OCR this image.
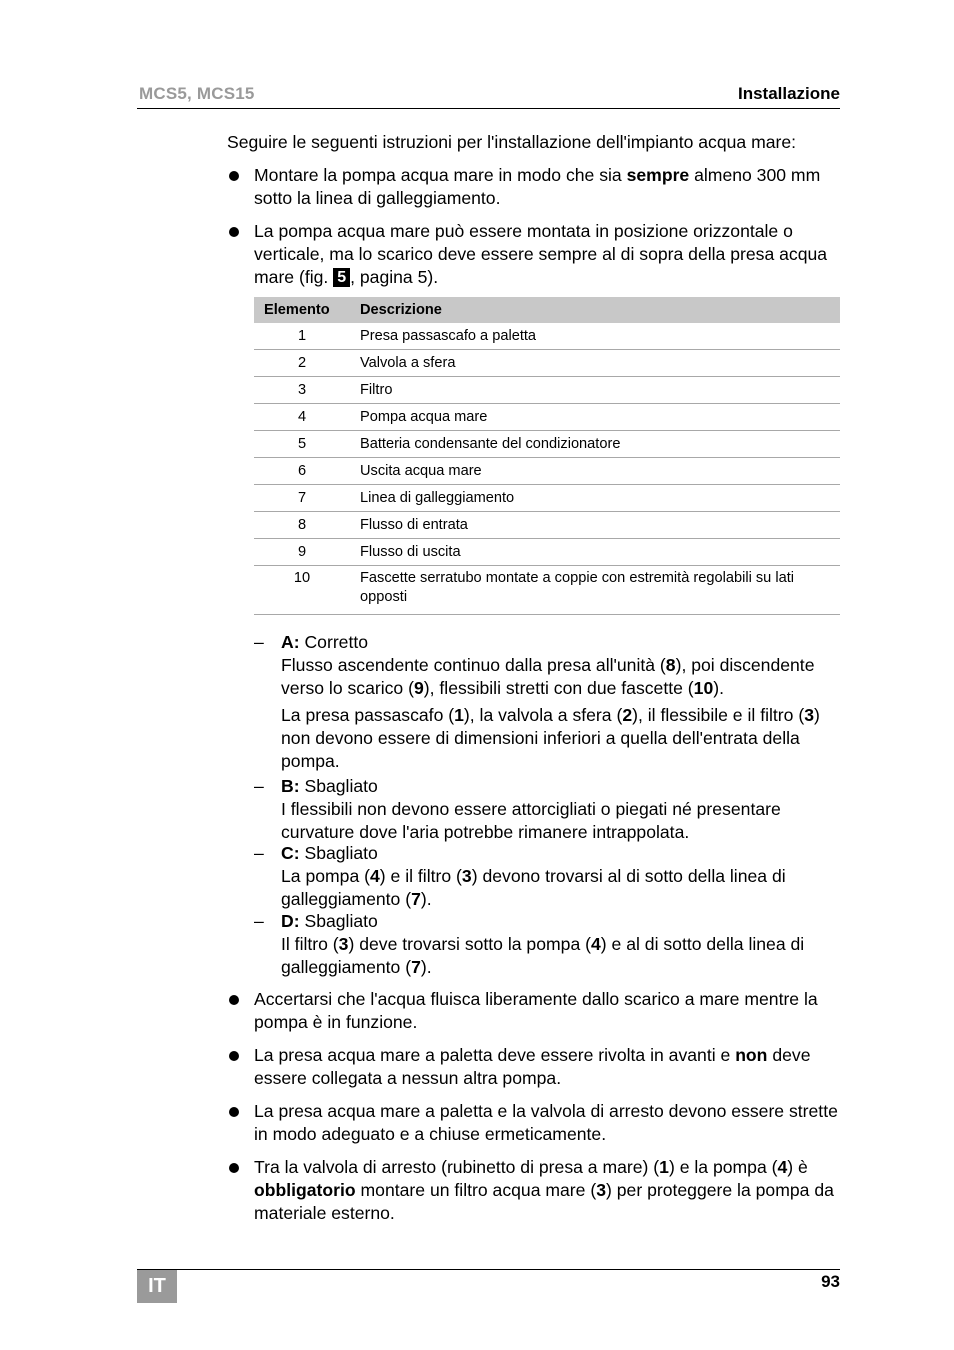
MCS5, MCS15	Installazione
Seguire le seguenti istruzioni per l'installazione dell'impianto acqua mare:
Montare la pompa acqua mare in modo che sia sempre almeno 300 mm sotto la linea di galleggiamento.
La pompa acqua mare può essere montata in posizione orizzontale o verticale, ma lo scarico deve essere sempre al di sopra della presa acqua mare (fig. 5 , pagina 5).
Elemento	Descrizione
1	Presa passascafo a paletta
2	Valvola a sfera
3	Filtro
4	Pompa acqua mare
5	Batteria condensante del condizionatore
6	Uscita acqua mare
7	Linea di galleggiamento
8	Flusso di entrata
9	Flusso di uscita
10	Fascette serratubo montate a coppie con estremità regolabili su lati opposti
– A: Corretto

Flusso ascendente continuo dalla presa all'unità (8), poi discendente verso lo scarico (9), flessibili stretti con due fascette (10).

La presa passascafo (1), la valvola a sfera (2), il flessibile e il filtro (3) non devono essere di dimensioni inferiori a quella dell'entrata della pompa.

– B: Sbagliato

I flessibili non devono essere attorcigliati o piegati né presentare curvature dove l'aria potrebbe rimanere intrappolata.

– C: Sbagliato

La pompa (4) e il filtro (3) devono trovarsi al di sotto della linea di galleggiamento (7).

– D: Sbagliato

Il filtro (3) deve trovarsi sotto la pompa (4) e al di sotto della linea di galleggiamento (7).

Accertarsi che l'acqua fluisca liberamente dallo scarico a mare mentre la pompa è in funzione.
La presa acqua mare a paletta deve essere rivolta in avanti e non deve essere collegata a nessun altra pompa.
La presa acqua mare a paletta e la valvola di arresto devono essere strette in modo adeguato e a chiuse ermeticamente.
Tra la valvola di arresto (rubinetto di presa a mare) (1) e la pompa (4) è obbligatorio montare un filtro acqua mare (3) per proteggere la pompa da materiale esterno.
IT	93
